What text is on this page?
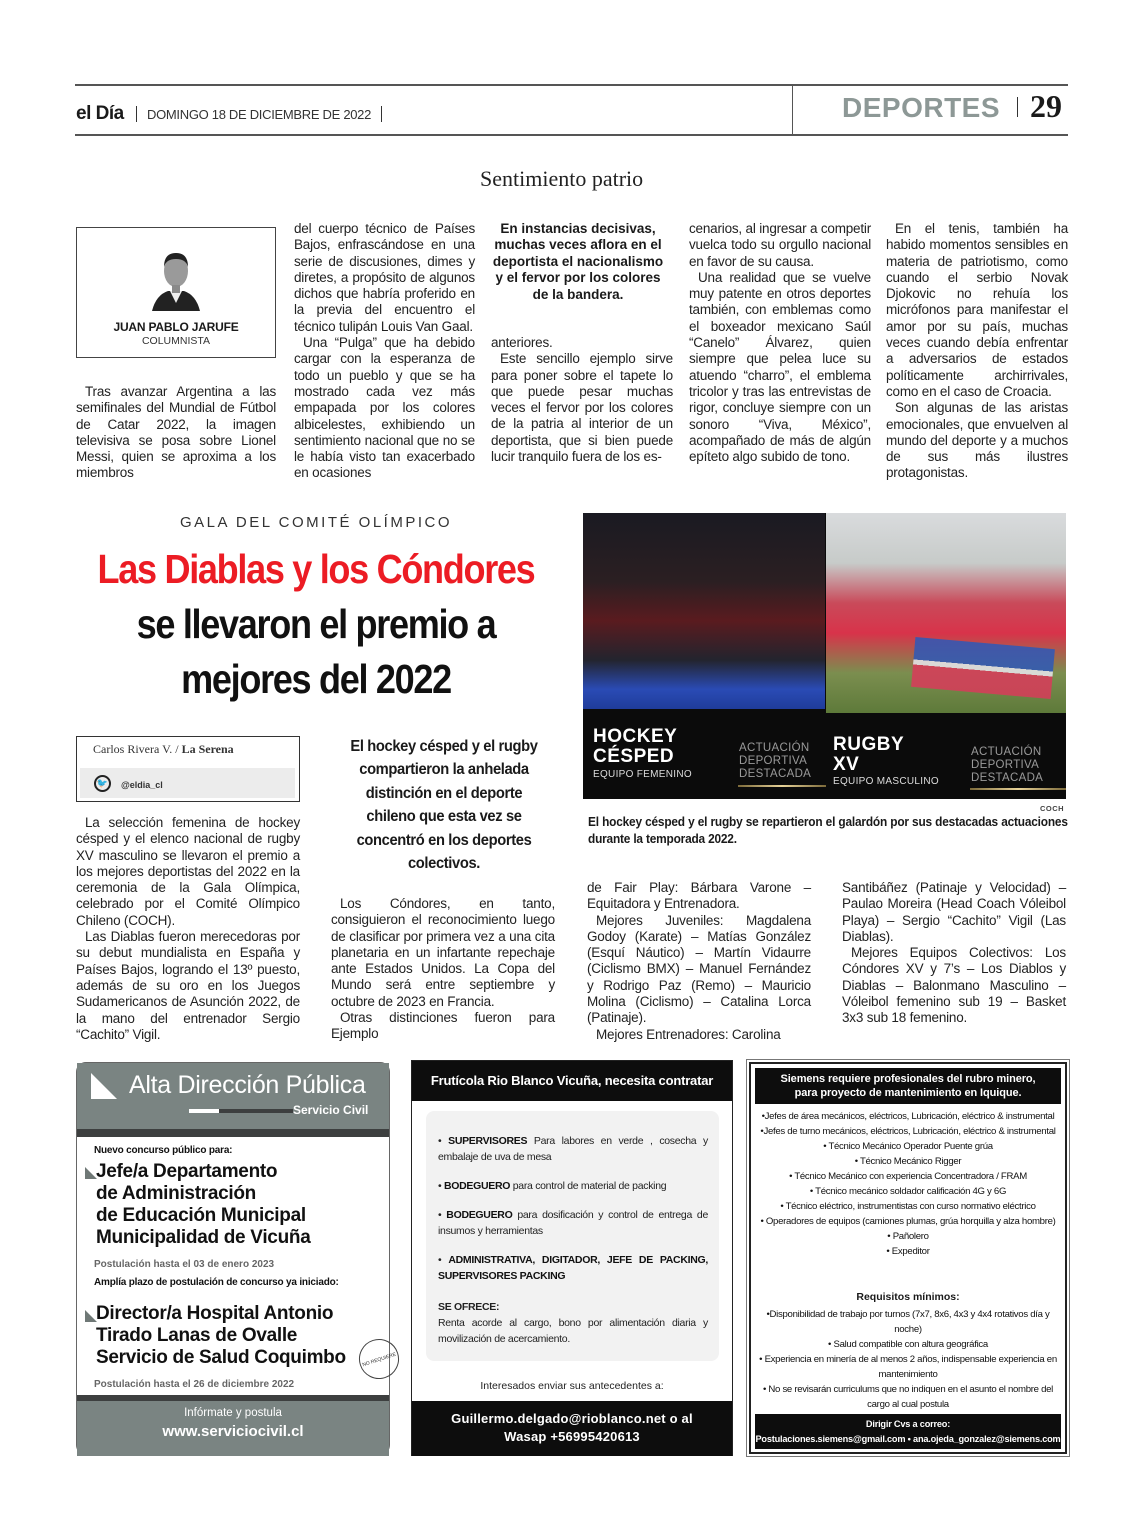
el Día DOMINGO 18 DE DICIEMBRE DE 2022	DEPORTES 29
Sentimiento patrio
JUAN PABLO JARUFE
COLUMNISTA

Tras avanzar Argentina a las semifinales del Mundial de Fútbol de Catar 2022, la imagen televisiva se posa sobre Lionel Messi, quien se aproxima a los miembros

del cuerpo técnico de Países Bajos, enfrascándose en una serie de discusiones, dimes y diretes, a propósito de algunos dichos que habría proferido en la previa del encuentro el técnico tulipán Louis Van Gaal.

Una “Pulga” que ha debido cargar con la esperanza de todo un pueblo y que se ha mostrado cada vez más empapada por los colores albicelestes, exhibiendo un sentimiento nacional que no se le había visto tan exacerbado en ocasiones

En instancias decisivas, muchas veces aflora en el deportista el nacionalismo y el fervor por los colores de la bandera.

anteriores.

Este sencillo ejemplo sirve para poner sobre el tapete lo que puede pesar muchas veces el fervor por los colores de la patria al interior de un deportista, que si bien puede lucir tranquilo fuera de los es-

cenarios, al ingresar a competir vuelca todo su orgullo nacional en favor de su causa.

Una realidad que se vuelve muy patente en otros deportes también, con emblemas como el boxeador mexicano Saúl “Canelo” Álvarez, quien siempre que pelea luce su atuendo “charro”, el emblema tricolor y tras las entrevistas de rigor, concluye siempre con un sonoro “Viva, México”, acompañado de más de algún epíteto algo subido de tono.

En el tenis, también ha habido momentos sensibles en materia de patriotismo, como cuando el serbio Novak Djokovic no rehuía los micrófonos para manifestar el amor por su país, muchas veces cuando debía enfrentar a adversarios de estados políticamente archirrivales, como en el caso de Croacia.

Son algunas de las aristas emocionales, que envuelven al mundo del deporte y a muchos de sus más ilustres protagonistas.

GALA DEL COMITÉ OLÍMPICO
Las Diablas y los Cóndores
se llevaron el premio a
mejores del 2022
Carlos Rivera V. / La Serena
🐦	@eldia_cl
El hockey césped y el rugby compartieron la anhelada distinción en el deporte chileno que esta vez se concentró en los deportes colectivos.
HOCKEY
CÉSPED
EQUIPO FEMENINO
ACTUACIÓN
DEPORTIVA
DESTACADA
RUGBY
XV
EQUIPO MASCULINO
ACTUACIÓN
DEPORTIVA
DESTACADA
COCH
El hockey césped y el rugby se repartieron el galardón por sus destacadas actuaciones durante la temporada 2022.

La selección femenina de hockey césped y el elenco nacional de rugby XV masculino se llevaron el premio a los mejores deportistas del 2022 en la ceremonia de la Gala Olímpica, celebrado por el Comité Olímpico Chileno (COCH).

Las Diablas fueron merecedoras por su debut mundialista en España y Países Bajos, logrando el 13º puesto, además de su oro en los Juegos Sudamericanos de Asunción 2022, de la mano del entrenador Sergio “Cachito” Vigil.

Los Cóndores, en tanto, consiguieron el reconocimiento luego de clasificar por primera vez a una cita planetaria en un infartante repechaje ante Estados Unidos. La Copa del Mundo será entre septiembre y octubre de 2023 en Francia.

Otras distinciones fueron para Ejemplo

de Fair Play: Bárbara Varone – Equitadora y Entrenadora.

Mejores Juveniles: Magdalena Godoy (Karate) – Matías González (Esquí Náutico) – Martín Vidaurre (Ciclismo BMX) – Manuel Fernández y Rodrigo Paz (Remo) – Mauricio Molina (Ciclismo) – Catalina Lorca (Patinaje).

Mejores Entrenadores: Carolina

Santibáñez (Patinaje y Velocidad) – Paulao Moreira (Head Coach Vóleibol Playa) – Sergio “Cachito” Vigil (Las Diablas).

Mejores Equipos Colectivos: Los Cóndores XV y 7’s – Los Diablos y Diablas – Balonmano Masculino – Vóleibol femenino sub 19 – Basket 3x3 sub 18 femenino.

Alta Dirección Pública
Servicio Civil
Nuevo concurso público para:
Jefe/a Departamento
de Administración
de Educación Municipal
Municipalidad de Vicuña
Postulación hasta el 03 de enero 2023
Amplía plazo de postulación de concurso ya iniciado:
Director/a Hospital Antonio
Tirado Lanas de Ovalle
Servicio de Salud Coquimbo	NO REQUIERE
Postulación hasta el 26 de diciembre 2022
Infórmate y postula
www.serviciocivil.cl
Frutícola Rio Blanco Vicuña, necesita contratar
• SUPERVISORES Para labores en verde , cosecha y embalaje de uva de mesa
• BODEGUERO para control de material de packing
• BODEGUERO para dosificación y control de entrega de insumos y herramientas
• ADMINISTRATIVA, DIGITADOR, JEFE DE PACKING, SUPERVISORES PACKING
SE OFRECE:
Renta acorde al cargo, bono por alimentación diaria y movilización de acercamiento.
Interesados enviar sus antecedentes a:
Guillermo.delgado@rioblanco.net o al
Wasap +56995420613
Siemens requiere profesionales del rubro minero,
para proyecto de mantenimiento en Iquique.
•Jefes de área mecánicos, eléctricos, Lubricación, eléctrico & instrumental
•Jefes de turno mecánicos, eléctricos, Lubricación, eléctrico & instrumental
• Técnico Mecánico Operador Puente grúa
• Técnico Mecánico Rigger
• Técnico Mecánico con experiencia Concentradora / FRAM
• Técnico mecánico soldador calificación 4G y 6G
• Técnico eléctrico, instrumentistas con curso normativo eléctrico
• Operadores de equipos (camiones plumas, grúa horquilla y alza hombre)
• Pañolero
• Expeditor
Requisitos mínimos:
•Disponibilidad de trabajo por turnos (7x7, 8x6, 4x3 y 4x4 rotativos día y noche)
• Salud compatible con altura geográfica
• Experiencia en minería de al menos 2 años, indispensable experiencia en mantenimiento
• No se revisarán curriculums que no indiquen en el asunto el nombre del cargo al cual postula
Dirigir Cvs a correo:
Postulaciones.siemens@gmail.com • ana.ojeda_gonzalez@siemens.com
